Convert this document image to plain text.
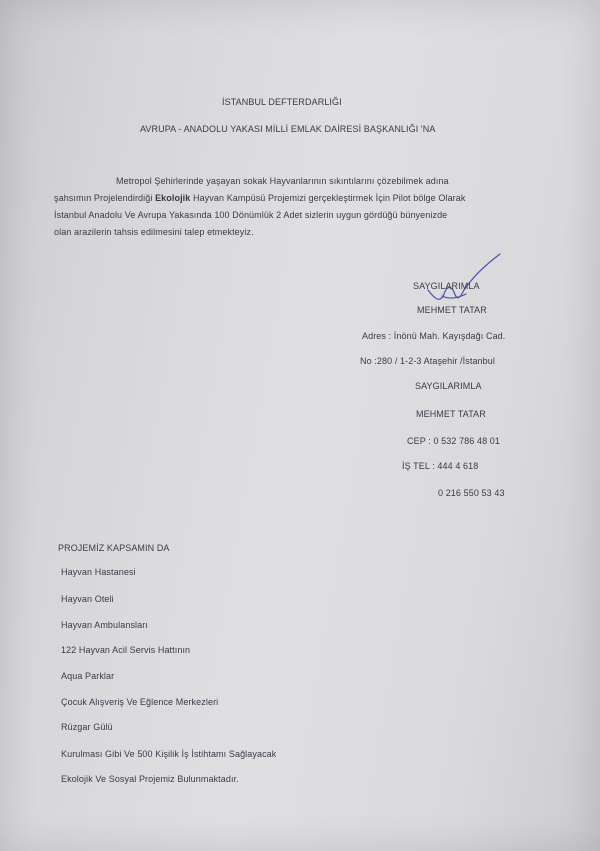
İSTANBUL DEFTERDARLIĞI
AVRUPA - ANADOLU YAKASI MİLLİ EMLAK DAİRESİ BAŞKANLIĞI 'NA
Metropol Şehirlerinde yaşayan sokak Hayvanlarının sıkıntılarını çözebilmek adına
şahsımın Projelendirdiği Ekolojik Hayvan Kampüsü Projemizi gerçekleştirmek İçin Pilot bölge Olarak
İstanbul Anadolu Ve Avrupa Yakasında 100 Dönümlük 2 Adet sizlerin uygun gördüğü bünyenizde
olan arazilerin tahsis edilmesini talep etmekteyiz.
SAYGILARIMLA
MEHMET TATAR
Adres : İnönü Mah. Kayışdağı Cad.
No :280 / 1-2-3 Ataşehir /İstanbul
SAYGILARIMLA
MEHMET TATAR
CEP : 0 532 786 48 01
İŞ TEL : 444 4 618
0 216 550 53 43
PROJEMİZ KAPSAMIN DA
Hayvan Hastanesi
Hayvan Oteli
Hayvan Ambulansları
122 Hayvan Acil Servis Hattının
Aqua Parklar
Çocuk Alışveriş Ve Eğlence Merkezleri
Rüzgar Gülü
Kurulması Gibi Ve 500 Kişilik İş İstihtamı Sağlayacak
Ekolojik Ve Sosyal Projemiz Bulunmaktadır.
